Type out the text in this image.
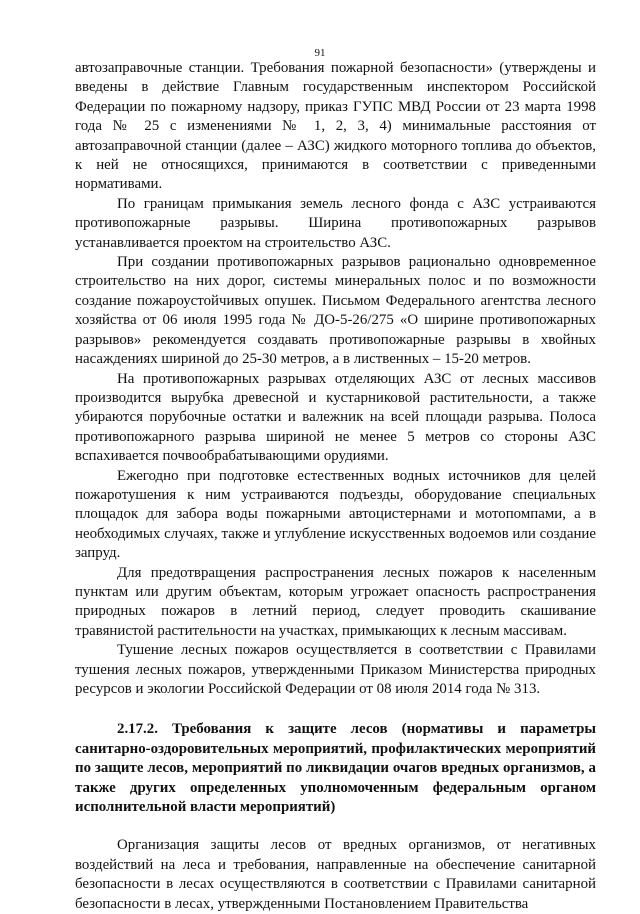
91

автозаправочные станции. Требования пожарной безопасности» (утверждены и введены в действие Главным государственным инспектором Российской Федерации по пожарному надзору, приказ ГУПС МВД России от 23 марта 1998 года № 25 с изменениями № 1, 2, 3, 4) минимальные расстояния от автозаправочной станции (далее – АЗС) жидкого моторного топлива до объектов, к ней не относящихся, принимаются в соответствии с приведенными нормативами.

По границам примыкания земель лесного фонда с АЗС устраиваются противопожарные разрывы. Ширина противопожарных разрывов устанавливается проектом на строительство АЗС.

При создании противопожарных разрывов рационально одновременное строительство на них дорог, системы минеральных полос и по возможности создание пожароустойчивых опушек. Письмом Федерального агентства лесного хозяйства от 06 июля 1995 года № ДО-5-26/275 «О ширине противопожарных разрывов» рекомендуется создавать противопожарные разрывы в хвойных насаждениях шириной до 25-30 метров, а в лиственных – 15-20 метров.

На противопожарных разрывах отделяющих АЗС от лесных массивов производится вырубка древесной и кустарниковой растительности, а также убираются порубочные остатки и валежник на всей площади разрыва. Полоса противопожарного разрыва шириной не менее 5 метров со стороны АЗС вспахивается почвообрабатывающими орудиями.

Ежегодно при подготовке естественных водных источников для целей пожаротушения к ним устраиваются подъезды, оборудование специальных площадок для забора воды пожарными автоцистернами и мотопомпами, а в необходимых случаях, также и углубление искусственных водоемов или создание запруд.

Для предотвращения распространения лесных пожаров к населенным пунктам или другим объектам, которым угрожает опасность распространения природных пожаров в летний период, следует проводить скашивание травянистой растительности на участках, примыкающих к лесным массивам.

Тушение лесных пожаров осуществляется в соответствии с Правилами тушения лесных пожаров, утвержденными Приказом Министерства природных ресурсов и экологии Российской Федерации от 08 июля 2014 года № 313.

2.17.2. Требования к защите лесов (нормативы и параметры санитарно-оздоровительных мероприятий, профилактических мероприятий по защите лесов, мероприятий по ликвидации очагов вредных организмов, а также других определенных уполномоченным федеральным органом исполнительной власти мероприятий)

Организация защиты лесов от вредных организмов, от негативных воздействий на леса и требования, направленные на обеспечение санитарной безопасности в лесах осуществляются в соответствии с Правилами санитарной безопасности в лесах, утвержденными Постановлением Правительства
